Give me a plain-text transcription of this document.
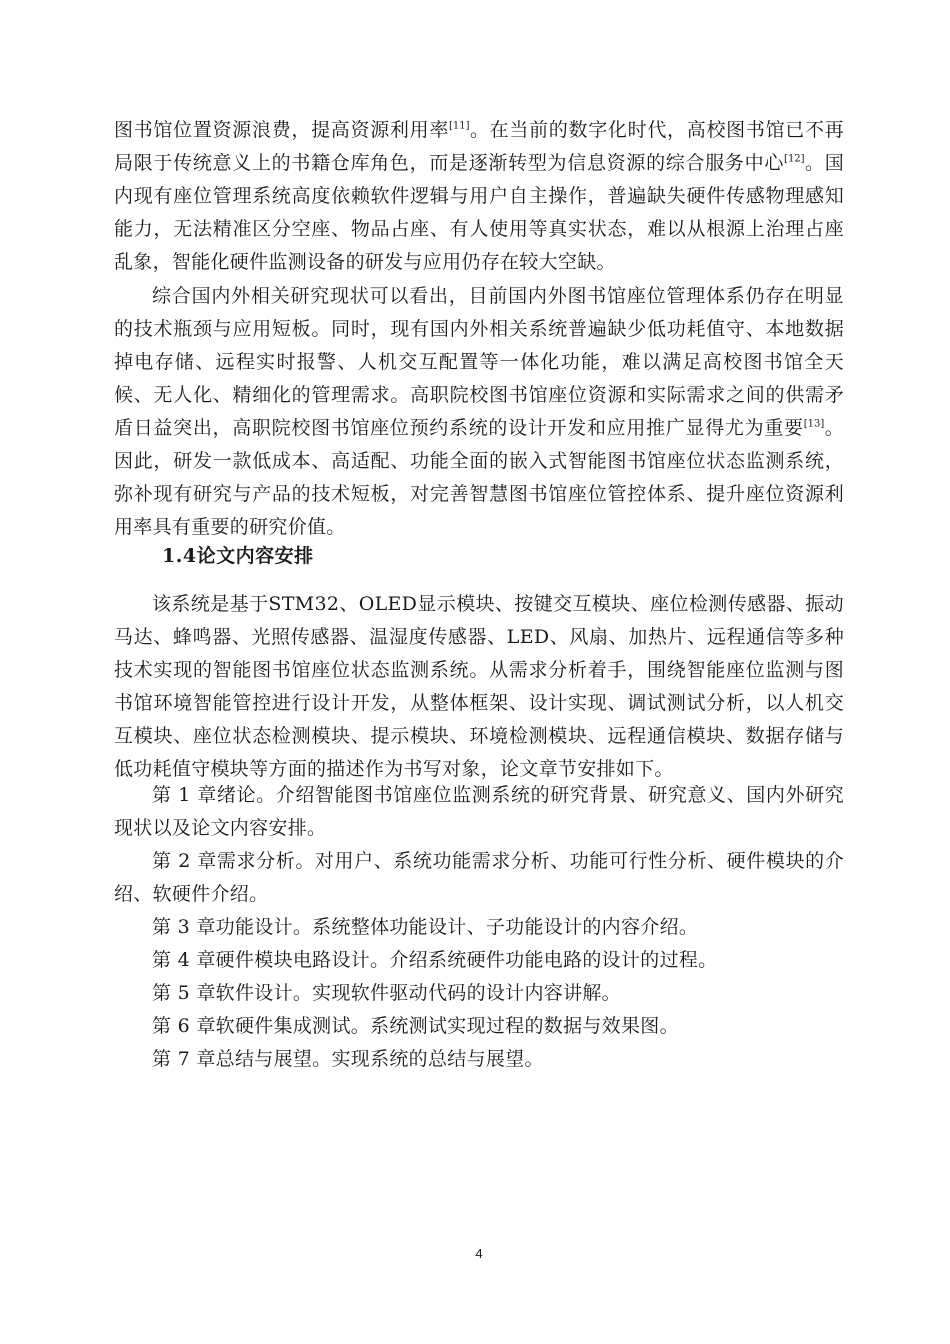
图书馆位置资源浪费，提高资源利用率[11]。在当前的数字化时代，高校图书馆已不再局限于传统意义上的书籍仓库角色，而是逐渐转型为信息资源的综合服务中心[12]。国内现有座位管理系统高度依赖软件逻辑与用户自主操作，普遍缺失硬件传感物理感知能力，无法精准区分空座、物品占座、有人使用等真实状态，难以从根源上治理占座乱象，智能化硬件监测设备的研发与应用仍存在较大空缺。

综合国内外相关研究现状可以看出，目前国内外图书馆座位管理体系仍存在明显的技术瓶颈与应用短板。同时，现有国内外相关系统普遍缺少低功耗值守、本地数据掉电存储、远程实时报警、人机交互配置等一体化功能，难以满足高校图书馆全天候、无人化、精细化的管理需求。高职院校图书馆座位资源和实际需求之间的供需矛盾日益突出，高职院校图书馆座位预约系统的设计开发和应用推广显得尤为重要[13]。因此，研发一款低成本、高适配、功能全面的嵌入式智能图书馆座位状态监测系统，弥补现有研究与产品的技术短板，对完善智慧图书馆座位管控体系、提升座位资源利用率具有重要的研究价值。

1.4论文内容安排

该系统是基于STM32、OLED显示模块、按键交互模块、座位检测传感器、振动马达、蜂鸣器、光照传感器、温湿度传感器、LED、风扇、加热片、远程通信等多种技术实现的智能图书馆座位状态监测系统。从需求分析着手，围绕智能座位监测与图书馆环境智能管控进行设计开发，从整体框架、设计实现、调试测试分析，以人机交互模块、座位状态检测模块、提示模块、环境检测模块、远程通信模块、数据存储与低功耗值守模块等方面的描述作为书写对象，论文章节安排如下。

第 1 章绪论。介绍智能图书馆座位监测系统的研究背景、研究意义、国内外研究现状以及论文内容安排。

第 2 章需求分析。对用户、系统功能需求分析、功能可行性分析、硬件模块的介绍、软硬件介绍。

第 3 章功能设计。系统整体功能设计、子功能设计的内容介绍。

第 4 章硬件模块电路设计。介绍系统硬件功能电路的设计的过程。

第 5 章软件设计。实现软件驱动代码的设计内容讲解。

第 6 章软硬件集成测试。系统测试实现过程的数据与效果图。

第 7 章总结与展望。实现系统的总结与展望。

4
